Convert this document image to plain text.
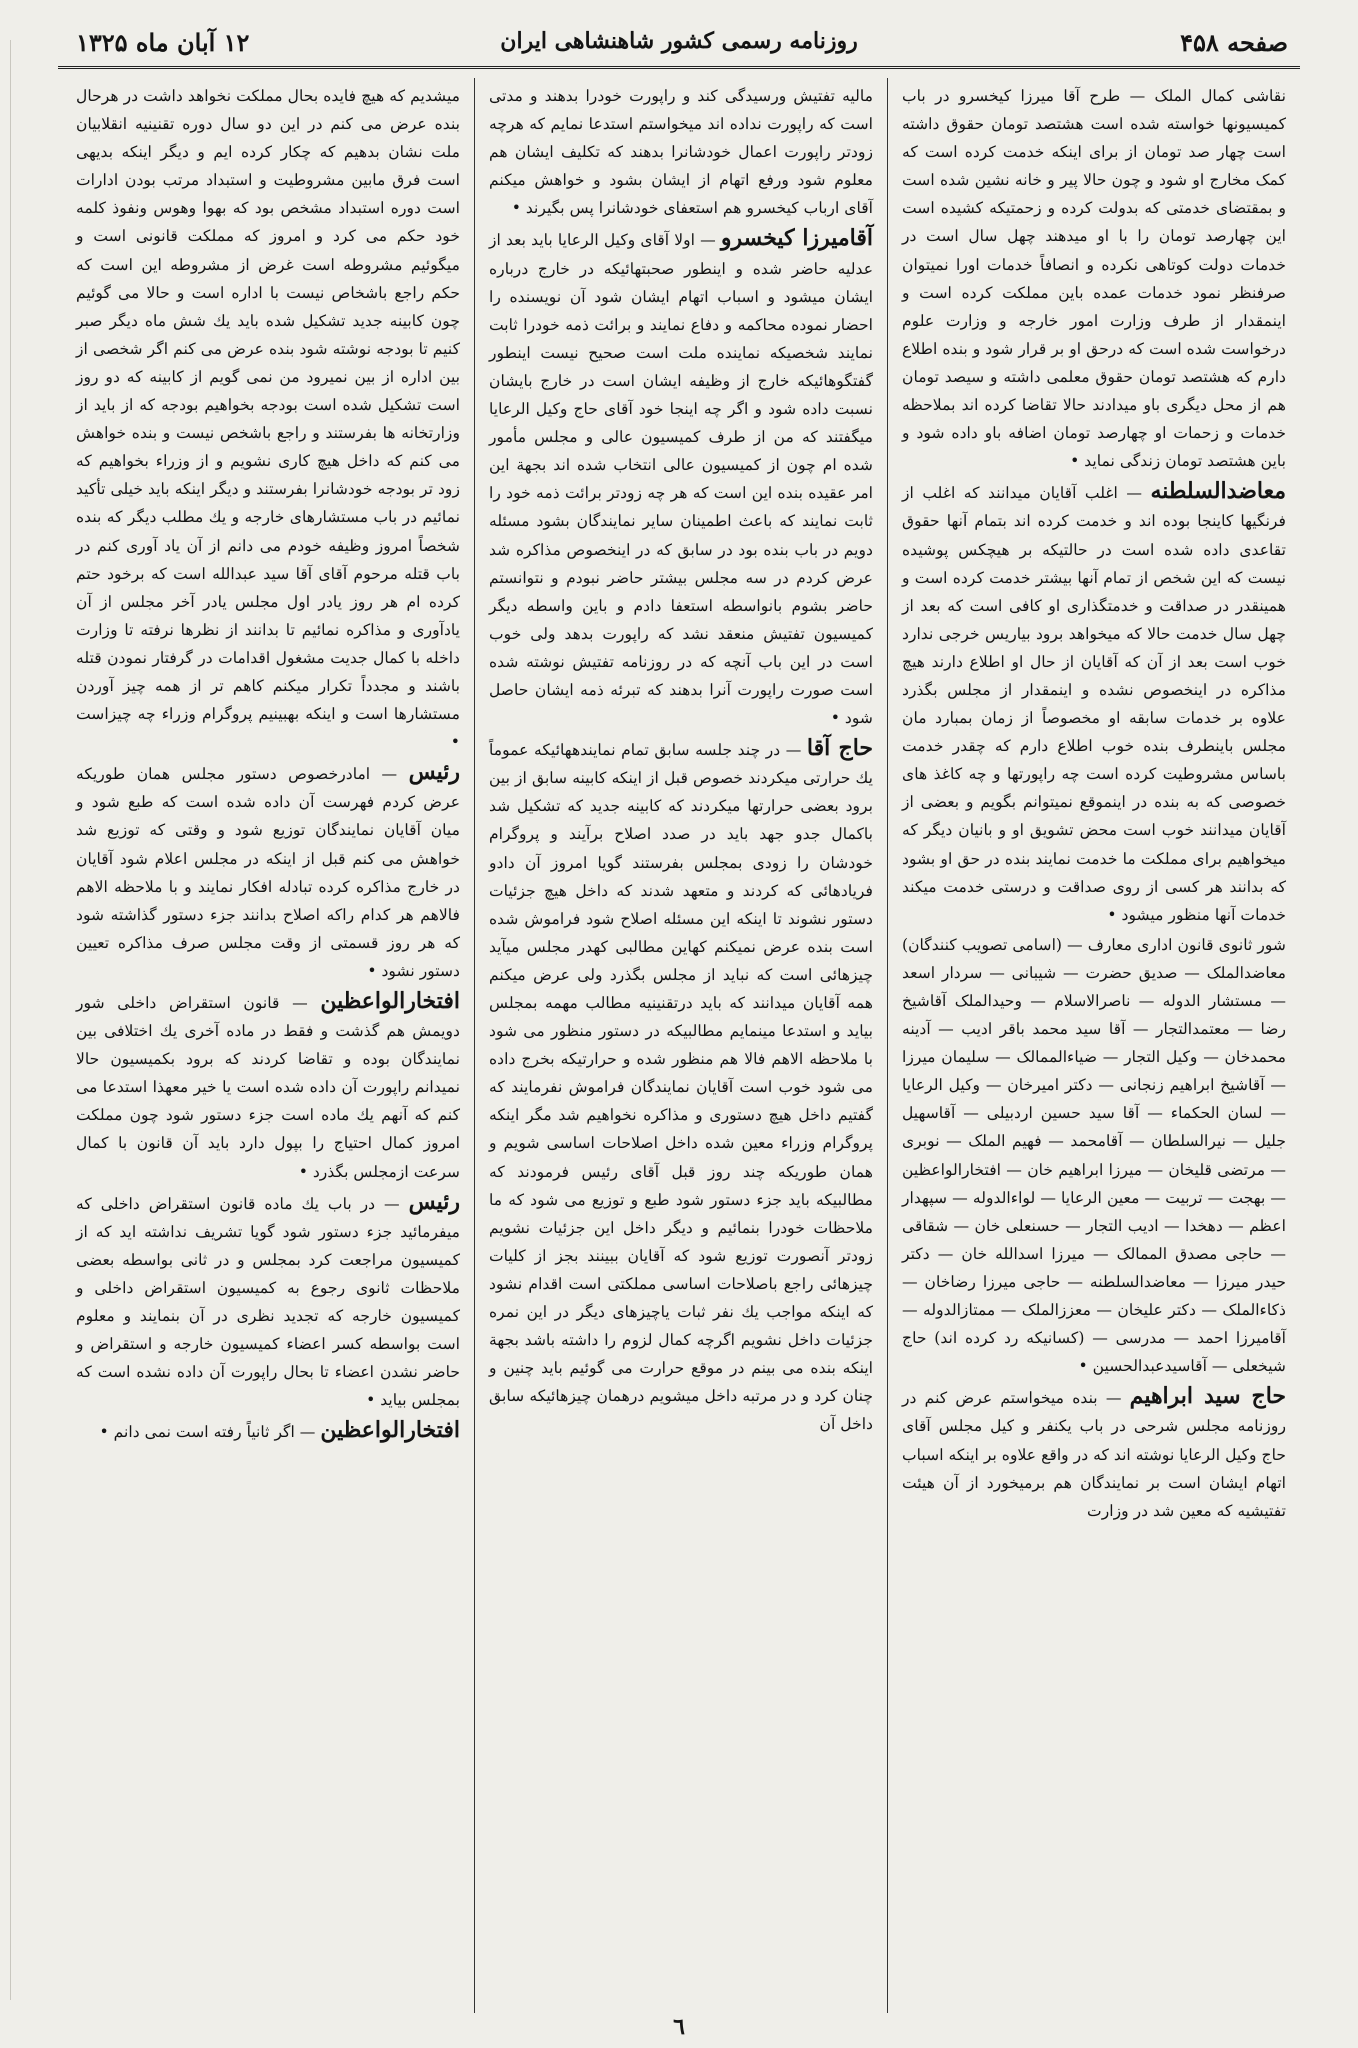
صفحه ۴۵۸
روزنامه رسمی کشور شاهنشاهی ایران
۱۲ آبان ماه ۱۳۲۵

نقاشی کمال الملک — طرح آقا میرزا کیخسرو در باب کمیسیونها خواسته شده است هشتصد تومان حقوق داشته است چهار صد تومان از برای اینکه خدمت کرده است که کمک مخارج او شود و چون حالا پیر و خانه نشین شده است و بمقتضای خدمتی که بدولت کرده و زحمتیکه کشیده است این چهارصد تومان را با او میدهند چهل سال است در خدمات دولت کوتاهی نکرده و انصافاً خدمات اورا نمیتوان صرفنظر نمود خدمات عمده باین مملکت کرده است و اینمقدار از طرف وزارت امور خارجه و وزارت علوم درخواست شده است که درحق او بر قرار شود و بنده اطلاع دارم که هشتصد تومان حقوق معلمی داشته و سیصد تومان هم از محل دیگری باو میدادند حالا تقاضا کرده اند بملاحظه خدمات و زحمات او چهارصد تومان اضافه باو داده شود و باین هشتصد تومان زندگی نماید •

معاضدالسلطنه — اغلب آقایان میدانند که اغلب از فرنگیها کاینجا بوده اند و خدمت کرده اند بتمام آنها حقوق تقاعدی داده شده است در حالتیکه بر هیچکس پوشیده نیست که این شخص از تمام آنها بیشتر خدمت کرده است و همینقدر در صداقت و خدمتگذاری او کافی است که بعد از چهل سال خدمت حالا که میخواهد برود بیاریس خرجی ندارد خوب است بعد از آن که آقایان از حال او اطلاع دارند هیچ مذاکره در اینخصوص نشده و اینمقدار از مجلس بگذرد علاوه بر خدمات سابقه او مخصوصاً از زمان بمبارد مان مجلس باینطرف بنده خوب اطلاع دارم که چقدر خدمت باساس مشروطیت کرده است چه راپورتها و چه کاغذ های خصوصی که به بنده در اینموقع نمیتوانم بگویم و بعضی از آقایان میدانند خوب است محض تشویق او و بانیان دیگر که میخواهیم برای مملکت ما خدمت نمایند بنده در حق او بشود که بدانند هر کسی از روی صداقت و درستی خدمت میکند خدمات آنها منظور میشود •

شور ثانوی قانون اداری معارف — (اسامی تصویب کنندگان) معاضدالملک — صدیق حضرت — شیبانی — سردار اسعد — مستشار الدوله — ناصرالاسلام — وحیدالملک آقاشیخ رضا — معتمدالتجار — آقا سید محمد باقر ادیب — آدینه محمدخان — وکیل التجار — ضیاءالممالک — سلیمان میرزا — آقاشیخ ابراهیم زنجانی — دکتر امیرخان — وکیل الرعایا — لسان الحکماء — آقا سید حسین اردبیلی — آقاسهیل جلیل — نیرالسلطان — آقامحمد — فهیم الملک — نوبری — مرتضی قلیخان — میرزا ابراهیم خان — افتخارالواعظین — بهجت — تربیت — معین الرعایا — لواءالدوله — سپهدار اعظم — دهخدا — ادیب التجار — حسنعلی خان — شقاقی — حاجی مصدق الممالک — میرزا اسدالله خان — دکتر حیدر میرزا — معاضدالسلطنه — حاجی میرزا رضاخان — ذکاءالملک — دکتر علیخان — معززالملک — ممتازالدوله — آقامیرزا احمد — مدرسی — (کسانیکه رد کرده اند) حاج شیخعلی — آقاسیدعبدالحسین •

حاج سید ابراهیم — بنده میخواستم عرض کنم در روزنامه مجلس شرحی در باب یکنفر و کیل مجلس آقای حاج وکیل الرعایا نوشته اند که در واقع علاوه بر اینکه اسباب اتهام ایشان است بر نمایندگان هم برمیخورد از آن هیئت تفتیشیه که معین شد در وزارت

مالیه تفتیش ورسیدگی کند و راپورت خودرا بدهند و مدتی است که راپورت نداده اند میخواستم استدعا نمایم که هرچه زودتر راپورت اعمال خودشانرا بدهند که تکلیف ایشان هم معلوم شود ورفع اتهام از ایشان بشود و خواهش میکنم آقای ارباب کیخسرو هم استعفای خودشانرا پس بگیرند •

آقامیرزا کیخسرو — اولا آقای وکیل الرعایا باید بعد از عدلیه حاضر شده و اینطور صحبتهائیکه در خارج درباره ایشان میشود و اسباب اتهام ایشان شود آن نویسنده را احضار نموده محاکمه و دفاع نمایند و برائت ذمه خودرا ثابت نمایند شخصیکه نماینده ملت است صحیح نیست اینطور گفتگوهائیکه خارج از وظیفه ایشان است در خارج بایشان نسبت داده شود و اگر چه اینجا خود آقای حاج وکیل الرعایا میگفتند که من از طرف کمیسیون عالی و مجلس مأمور شده ام چون از کمیسیون عالی انتخاب شده اند بجهة این امر عقیده بنده این است که هر چه زودتر برائت ذمه خود را ثابت نمایند که باعث اطمینان سایر نمایندگان بشود مسئله دویم در باب بنده بود در سابق که در اینخصوص مذاکره شد عرض کردم در سه مجلس بیشتر حاضر نبودم و نتوانستم حاضر بشوم بانواسطه استعفا دادم و باین واسطه دیگر کمیسیون تفتیش منعقد نشد که راپورت بدهد ولی خوب است در این باب آنچه که در روزنامه تفتیش نوشته شده است صورت راپورت آنرا بدهند که تبرئه ذمه ایشان حاصل شود •

حاج آقا — در چند جلسه سابق تمام نمایندههائیکه عموماً یك حرارتی میکردند خصوص قبل از اینکه کابینه سابق از بین برود بعضی حرارتها میکردند که کابینه جدید که تشکیل شد باکمال جدو جهد باید در صدد اصلاح برآیند و پروگرام خودشان را زودی بمجلس بفرستند گویا امروز آن دادو فریادهائی که کردند و متعهد شدند که داخل هیچ جزئیات دستور نشوند تا اینکه این مسئله اصلاح شود فراموش شده است بنده عرض نمیکنم کهاین مطالبی کهدر مجلس میآید چیزهائی است که نباید از مجلس بگذرد ولی عرض میکنم همه آقایان میدانند که باید درتقنینیه مطالب مهمه بمجلس بیاید و استدعا مینمایم مطالبیکه در دستور منظور می شود با ملاحظه الاهم فالا هم منظور شده و حرارتیکه بخرج داده می شود خوب است آقایان نمایندگان فراموش نفرمایند که گفتیم داخل هیچ دستوری و مذاکره نخواهیم شد مگر اینکه پروگرام وزراء معین شده داخل اصلاحات اساسی شویم و همان طوریکه چند روز قبل آقای رئیس فرمودند که مطالبیکه باید جزء دستور شود طبع و توزیع می شود که ما ملاحظات خودرا بنمائیم و دیگر داخل این جزئیات نشویم زودتر آنصورت توزیع شود که آقایان ببینند بجز از کلیات چیزهائی راجع باصلاحات اساسی مملکتی است اقدام نشود که اینکه مواجب یك نفر ثبات یاچیزهای دیگر در این نمره جزئیات داخل نشویم اگرچه کمال لزوم را داشته باشد بجهة اینکه بنده می بینم در موقع حرارت می گوئیم باید چنین و چنان کرد و در مرتبه داخل میشویم درهمان چیزهائیکه سابق داخل آن

میشدیم که هیچ فایده بحال مملکت نخواهد داشت در هرحال بنده عرض می کنم در این دو سال دوره تقنینیه انقلابیان ملت نشان بدهیم که چکار کرده ایم و دیگر اینکه بدیهی است فرق مابین مشروطیت و استبداد مرتب بودن ادارات است دوره استبداد مشخص بود که بهوا وهوس ونفوذ کلمه خود حکم می کرد و امروز که مملکت قانونی است و میگوئیم مشروطه است غرض از مشروطه این است که حکم راجع باشخاص نیست با اداره است و حالا می گوئیم چون کابینه جدید تشکیل شده باید یك شش ماه دیگر صبر کنیم تا بودجه نوشته شود بنده عرض می کنم اگر شخصی از بین اداره از بین نمیرود من نمی گویم از کابینه که دو روز است تشکیل شده است بودجه بخواهیم بودجه که از باید از وزارتخانه ها بفرستند و راجع باشخص نیست و بنده خواهش می کنم که داخل هیچ کاری نشویم و از وزراء بخواهیم که زود تر بودجه خودشانرا بفرستند و دیگر اینکه باید خیلی تأکید نمائیم در باب مستشارهای خارجه و یك مطلب دیگر که بنده شخصاً امروز وظیفه خودم می دانم از آن یاد آوری کنم در باب قتله مرحوم آقای آقا سید عبدالله است که برخود حتم کرده ام هر روز یادر اول مجلس یادر آخر مجلس از آن یادآوری و مذاکره نمائیم تا بدانند از نظرها نرفته تا وزارت داخله با کمال جدیت مشغول اقدامات در گرفتار نمودن قتله باشند و مجدداً تکرار میکنم کاهم تر از همه چیز آوردن مستشارها است و اینکه بهبینیم پروگرام وزراء چه چیزاست •

رئیس — امادرخصوص دستور مجلس همان طوریکه عرض کردم فهرست آن داده شده است که طبع شود و میان آقایان نمایندگان توزیع شود و وقتی که توزیع شد خواهش می کنم قبل از اینکه در مجلس اعلام شود آقایان در خارج مذاکره کرده تبادله افکار نمایند و با ملاحظه الاهم فالاهم هر کدام راکه اصلاح بدانند جزء دستور گذاشته شود که هر روز قسمتی از وقت مجلس صرف مذاکره تعیین دستور نشود •

افتخارالواعظین — قانون استقراض داخلی شور دویمش هم گذشت و فقط در ماده آخری یك اختلافی بین نمایندگان بوده و تقاضا کردند که برود بکمیسیون حالا نمیدانم راپورت آن داده شده است یا خیر معهذا استدعا می کنم که آنهم یك ماده است جزء دستور شود چون مملکت امروز کمال احتیاج را بپول دارد باید آن قانون با کمال سرعت ازمجلس بگذرد •

رئیس — در باب یك ماده قانون استقراض داخلی که میفرمائید جزء دستور شود گویا تشریف نداشته اید که از کمیسیون مراجعت کرد بمجلس و در ثانی بواسطه بعضی ملاحظات ثانوی رجوع به کمیسیون استقراض داخلی و کمیسیون خارجه که تجدید نظری در آن بنمایند و معلوم است بواسطه کسر اعضاء کمیسیون خارجه و استقراض و حاضر نشدن اعضاء تا بحال راپورت آن داده نشده است که بمجلس بیاید •

افتخارالواعظین — اگر ثانیاً رفته است نمی دانم •

٦
